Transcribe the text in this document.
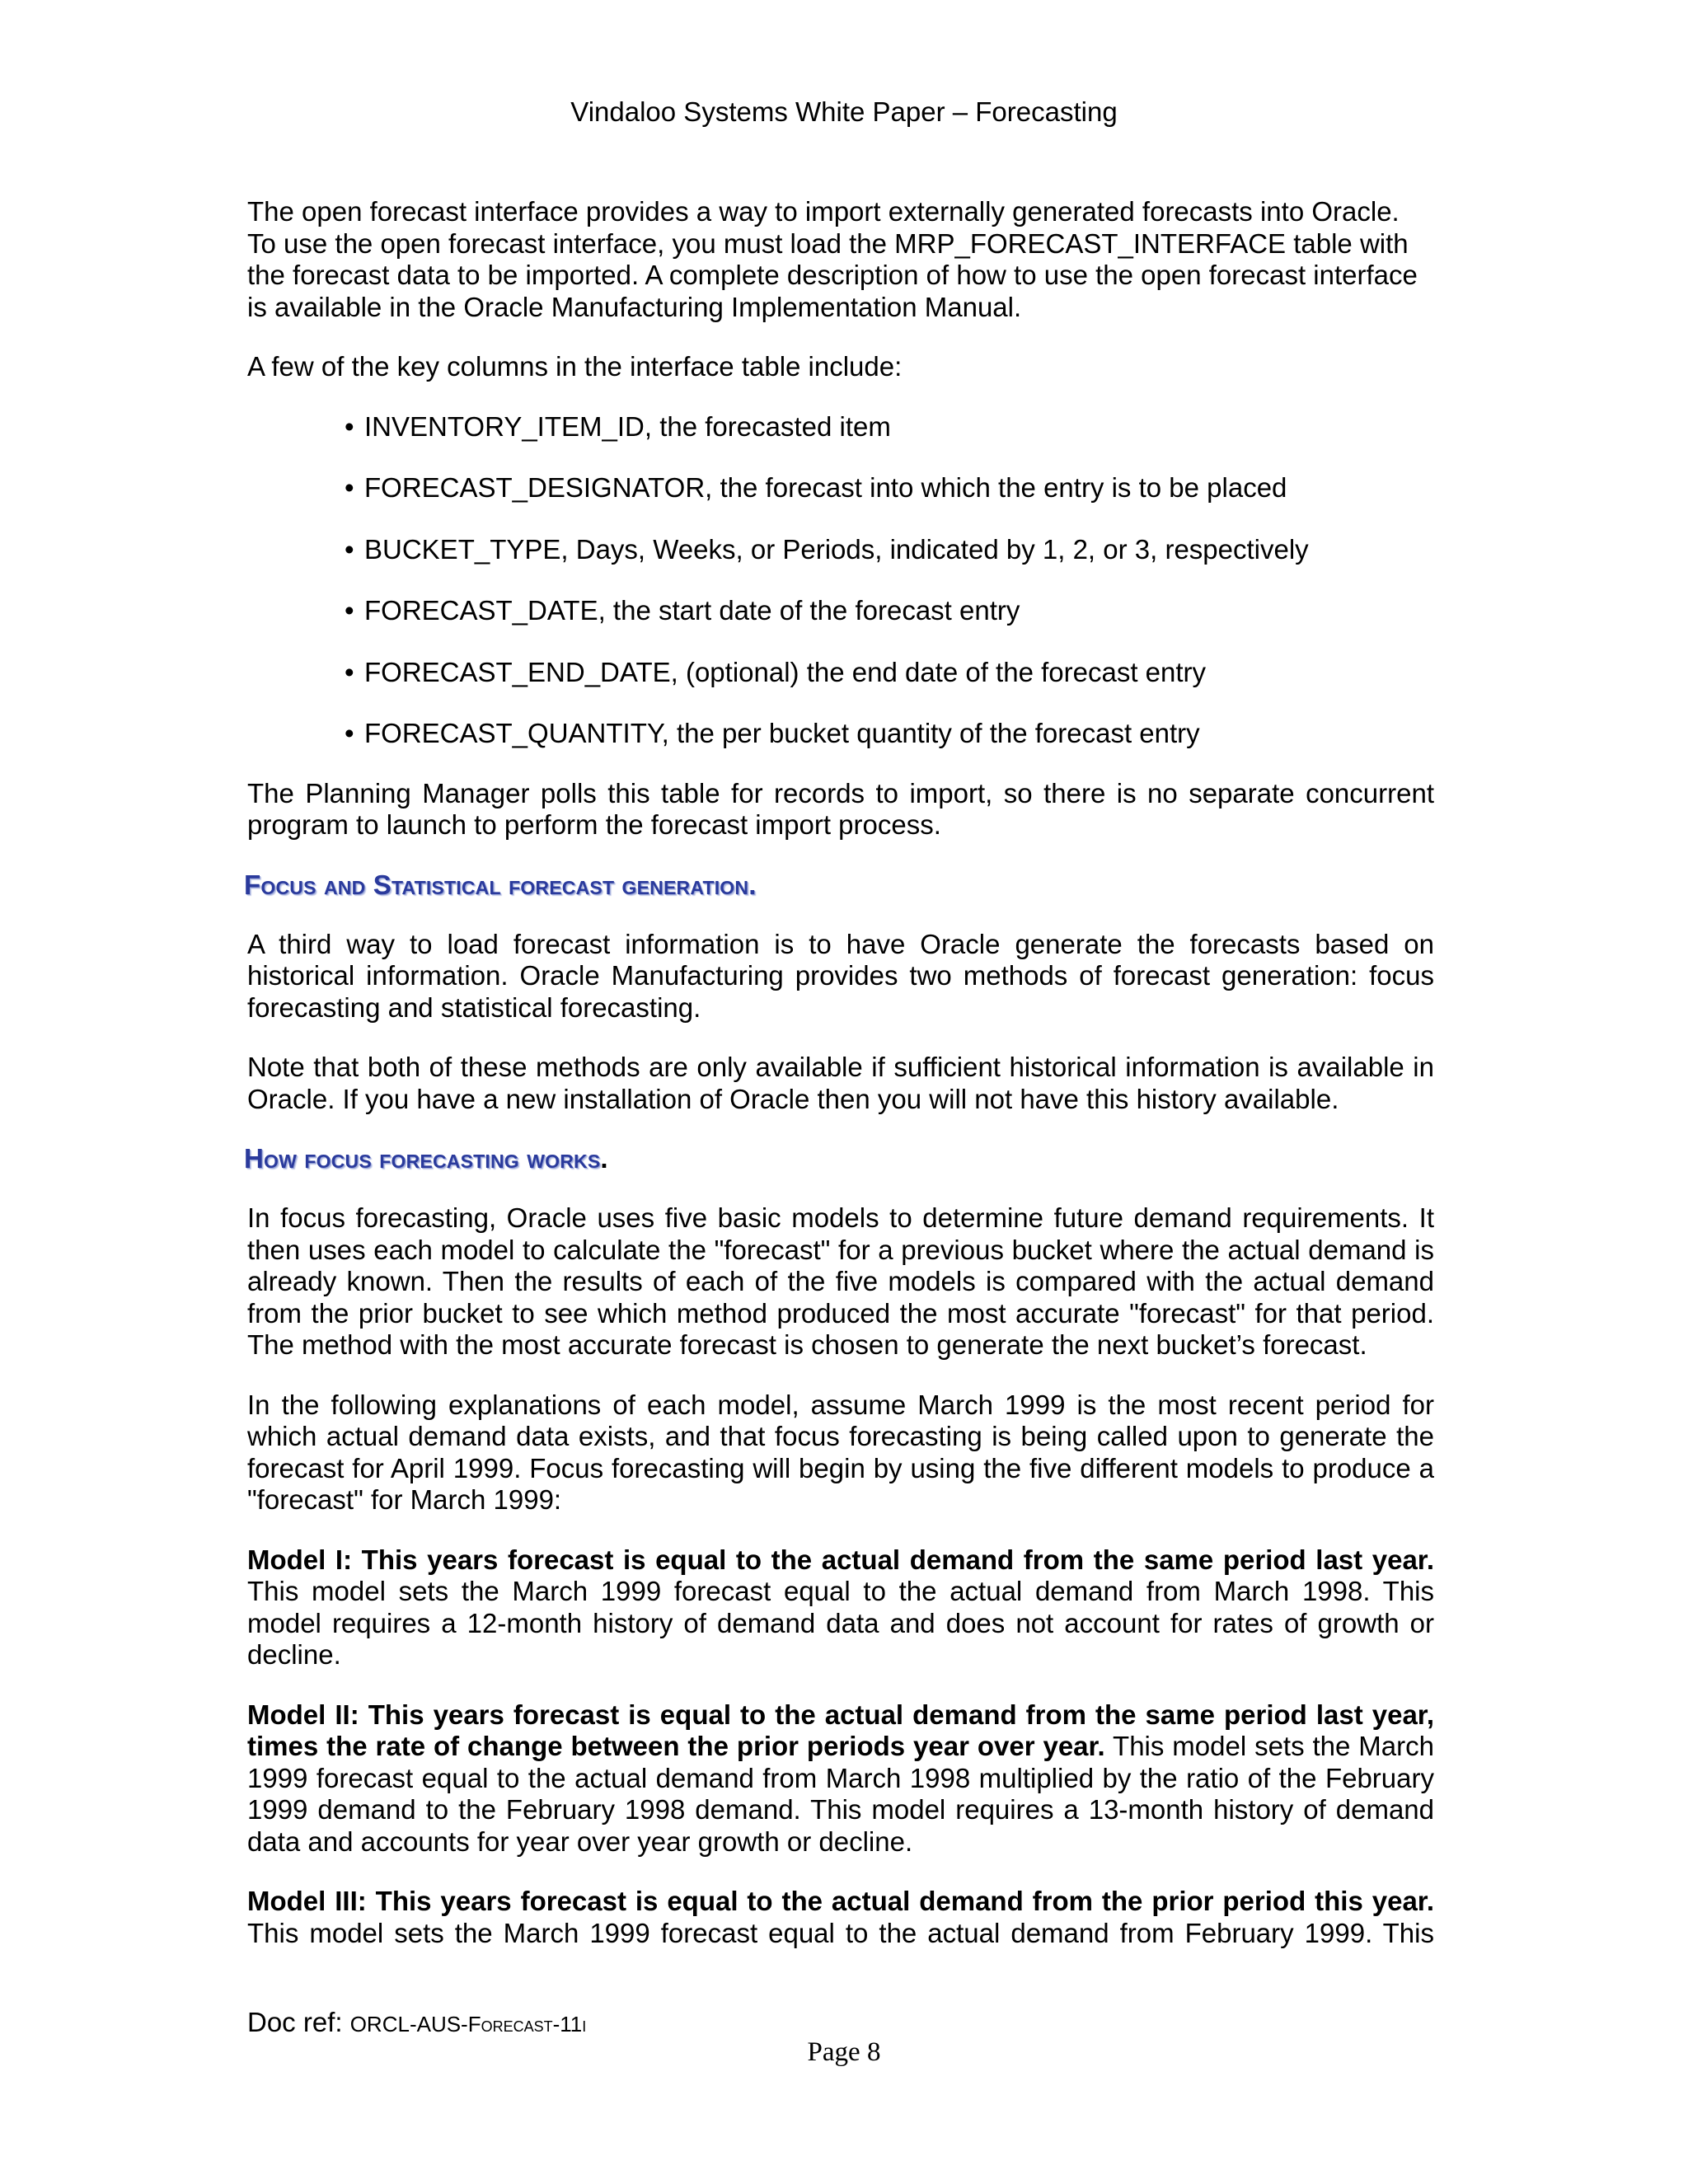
Vindaloo Systems White Paper – Forecasting

The open forecast interface provides a way to import externally generated forecasts into Oracle. To use the open forecast interface, you must load the MRP_FORECAST_INTERFACE table with the forecast data to be imported. A complete description of how to use the open forecast interface is available in the Oracle Manufacturing Implementation Manual.

A few of the key columns in the interface table include:

• INVENTORY_ITEM_ID, the forecasted item
• FORECAST_DESIGNATOR, the forecast into which the entry is to be placed
• BUCKET_TYPE, Days, Weeks, or Periods, indicated by 1, 2, or 3, respectively
• FORECAST_DATE, the start date of the forecast entry
• FORECAST_END_DATE, (optional) the end date of the forecast entry
• FORECAST_QUANTITY, the per bucket quantity of the forecast entry

The Planning Manager polls this table for records to import, so there is no separate concurrent program to launch to perform the forecast import process.

Focus and Statistical forecast generation.

A third way to load forecast information is to have Oracle generate the forecasts based on historical information. Oracle Manufacturing provides two methods of forecast generation: focus forecasting and statistical forecasting.

Note that both of these methods are only available if sufficient historical information is available in Oracle. If you have a new installation of Oracle then you will not have this history available.

How focus forecasting works.

In focus forecasting, Oracle uses five basic models to determine future demand requirements. It then uses each model to calculate the "forecast" for a previous bucket where the actual demand is already known. Then the results of each of the five models is compared with the actual demand from the prior bucket to see which method produced the most accurate "forecast" for that period. The method with the most accurate forecast is chosen to generate the next bucket’s forecast.

In the following explanations of each model, assume March 1999 is the most recent period for which actual demand data exists, and that focus forecasting is being called upon to generate the forecast for April 1999. Focus forecasting will begin by using the five different models to produce a "forecast" for March 1999:

Model I: This years forecast is equal to the actual demand from the same period last year. This model sets the March 1999 forecast equal to the actual demand from March 1998. This model requires a 12-month history of demand data and does not account for rates of growth or decline.

Model II: This years forecast is equal to the actual demand from the same period last year, times the rate of change between the prior periods year over year. This model sets the March 1999 forecast equal to the actual demand from March 1998 multiplied by the ratio of the February 1999 demand to the February 1998 demand. This model requires a 13-month history of demand data and accounts for year over year growth or decline.

Model III: This years forecast is equal to the actual demand from the prior period this year. This model sets the March 1999 forecast equal to the actual demand from February 1999. This

Doc ref: ORCL-AUS-Forecast-11i
Page 8
